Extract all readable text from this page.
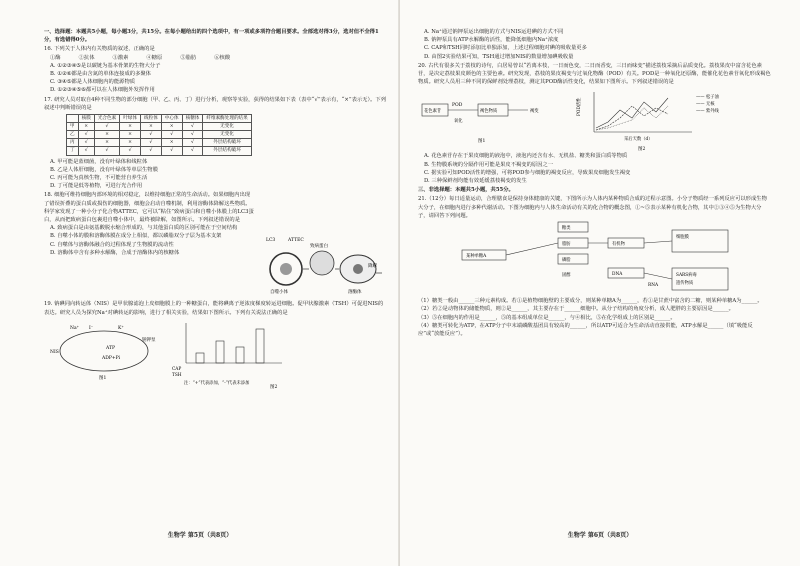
一、选择题：本题共5小题，每小题3分，共15分。在每小题给出的四个选项中，有一项或多项符合题目要求。全部选对得3分，选对但不全得1分，有选错得0分。
16. 下列关于人体内有关物质的叙述，正确的是
①酶	②抗体	③激素	④糖原	⑤脂肪	⑥核酸
A. ①②③④⑤是以碳链为基本骨架的生物大分子
B. ①②⑥都是由含氮的单体连接成的多聚体
C. ③④⑤都是人体细胞内的能源物质
D. ①②③④⑤⑥都可以在人体细胞外发挥作用
17. 研究人员对取自4种不同生物的部分细胞（甲、乙、丙、丁）进行分析，观察等实验，获得的结果如下表（表中“√”表示有，“×”表示无）。下列叙述中判断错误的是
	核膜	光合色素	叶绿体	线粒体	中心体	核糖体	纤维素酶处理的结果
甲	×	√	×	×	×	√	无变化
乙	√	×	×	√	√	√	无变化
丙	√	×	×	√	×	√	外层结构破坏
丁	√	√	√	√	√	√	外层结构破坏
A. 甲可能是蓝细菌，没有叶绿体和线粒体
B. 乙是人体肝细胞，没有叶绿体等单层生物膜
C. 丙可能为真核生物，不可能营自养生活
D. 丁可能是低等植物，可进行光合作用
18. 细胞可维持细胞内部环境的相对稳定，以维持细胞正常的生命活动。如果细胞内出现了错误折叠的蛋白质或损伤的细胞器，细胞会启动自噬机制，利用溶酶体降解这些物质。科学家发现了一种小分子化合物ATTEC，它可以“粘住”致病蛋白和自噬小体膜上的LC3蛋白，从而把致病蛋白包裹进自噬小体中，最终被降解，如图所示。下列叙述错误的是
A. 致病蛋白是由氨基酸脱水缩合形成的，与其他蛋白质的区别可能在于空间结构
B. 自噬小体的膜和溶酶体膜在成分上相似，都以磷脂双分子层为基本支架
C. 自噬体与溶酶体融合的过程体现了生物膜的流动性
D. 溶酶体中含有多种水解酶，合成于溶酶体内的核糖体
LC3	ATTEC
致病蛋白
自噬小体	溶酶体
降解
19. 钠碘同向转运体（NIS）是甲状腺滤泡上皮细胞膜上的一种糖蛋白，能将碘离子逆浓度梯度转运进细胞。促甲状腺激素（TSH）可促进NIS的表达。研究人员为探究Na⁺对碘转运的影响，进行了相关实验，结果如下图所示。下列有关说法正确的是
Na⁺ I⁻	K⁺
NIS
ATP
ADP+Pi
钠钾泵
图1
CAP
TSH
注：“+”代表添加，“-”代表未添加
图2
生物学 第5页（共8页）
A. Na⁺通过钠钾泵运出细胞的方式与NIS运进碘的方式不同
B. 钠钾泵具有ATP水解酶的活性，能降低细胞内Na⁺浓度
C. CAP和TSH同时添加比单独添加，上述过程细胞对碘的吸收量更多
D. 由图2实验结果可知，TSH通过增加NIS的数量增加碘吸收量
20. 古代有很多关于荔枝的诗句，白居易曾以“若离本枝，一日而色变，二日而香变，三日而味变”描述荔枝采摘后品质变化。荔枝果皮中富含花色素苷，是决定荔枝果皮颜色的主要色素。研究发现，荔枝的果皮褐变与过氧化物酶（POD）有关。POD是一种氧化还原酶，能催化花色素苷氧化形成褐色物质。研究人员用三种不同的保鲜剂处理荔枝，测定其POD酶活性变化，结果如下图所示。下列叙述错误的是
POD
花色素苷	褐色物质
氧化
褐变
图1
—— 松子油
—— 无核
—— 紫外线
采后天数（d）
POD活性
图2
A. 花色素苷存在于果皮细胞的液泡中，液泡内还含有水、无机盐、糖类和蛋白质等物质
B. 生物膜系统的分隔作用可能是果皮不褐变的原因之一
C. 据实验可知POD活性的增强，可将POD参与细胞的褐变反应，导致果皮细胞发生褐变
D. 三种保鲜剂均能有效延缓荔枝褐变的发生
三、非选择题：本题共5小题，共55分。
21.（12分）每日适量运动，合理膳食是保持身体健康的关键，下图所示为人体内某种物质合成的过程示意图。小分子物质经一系列反应可以形成生物大分子，在细胞内进行多种代谢活动。下图为细胞内与人体生命活动有关的化合物的概念图，①~⑤表示某种有机化合物，其中②③④⑤为生物大分子，请回答下列问题。
糖类
脂肪
磷脂
固醇
某种单糖A
有机物
细胞膜
DNA
RNA
SARS病毒
遗传物质
（1）糖类一般由______三种元素构成。若①是植物细胞壁的主要成分，则某种单糖A为______，若①是甘蔗中富含的二糖，则某种单糖A为______。
（2）若②是动物体的储能物质，则②是______，其主要存在于______细胞中。从分子结构的角度分析，成人肥胖的主要原因是______。
（3）⑤在细胞内的作用是______，⑤的基本组成单位是______，与④相比，⑤在化学组成上的区别是______。
（4）糖类可转化为ATP，在ATP分子中末端磷酸基团具有较高的______，所以ATP可适合为生命活动直接供能，ATP水解是______（填“吸能反应”或“放能反应”）。
生物学 第6页（共8页）
